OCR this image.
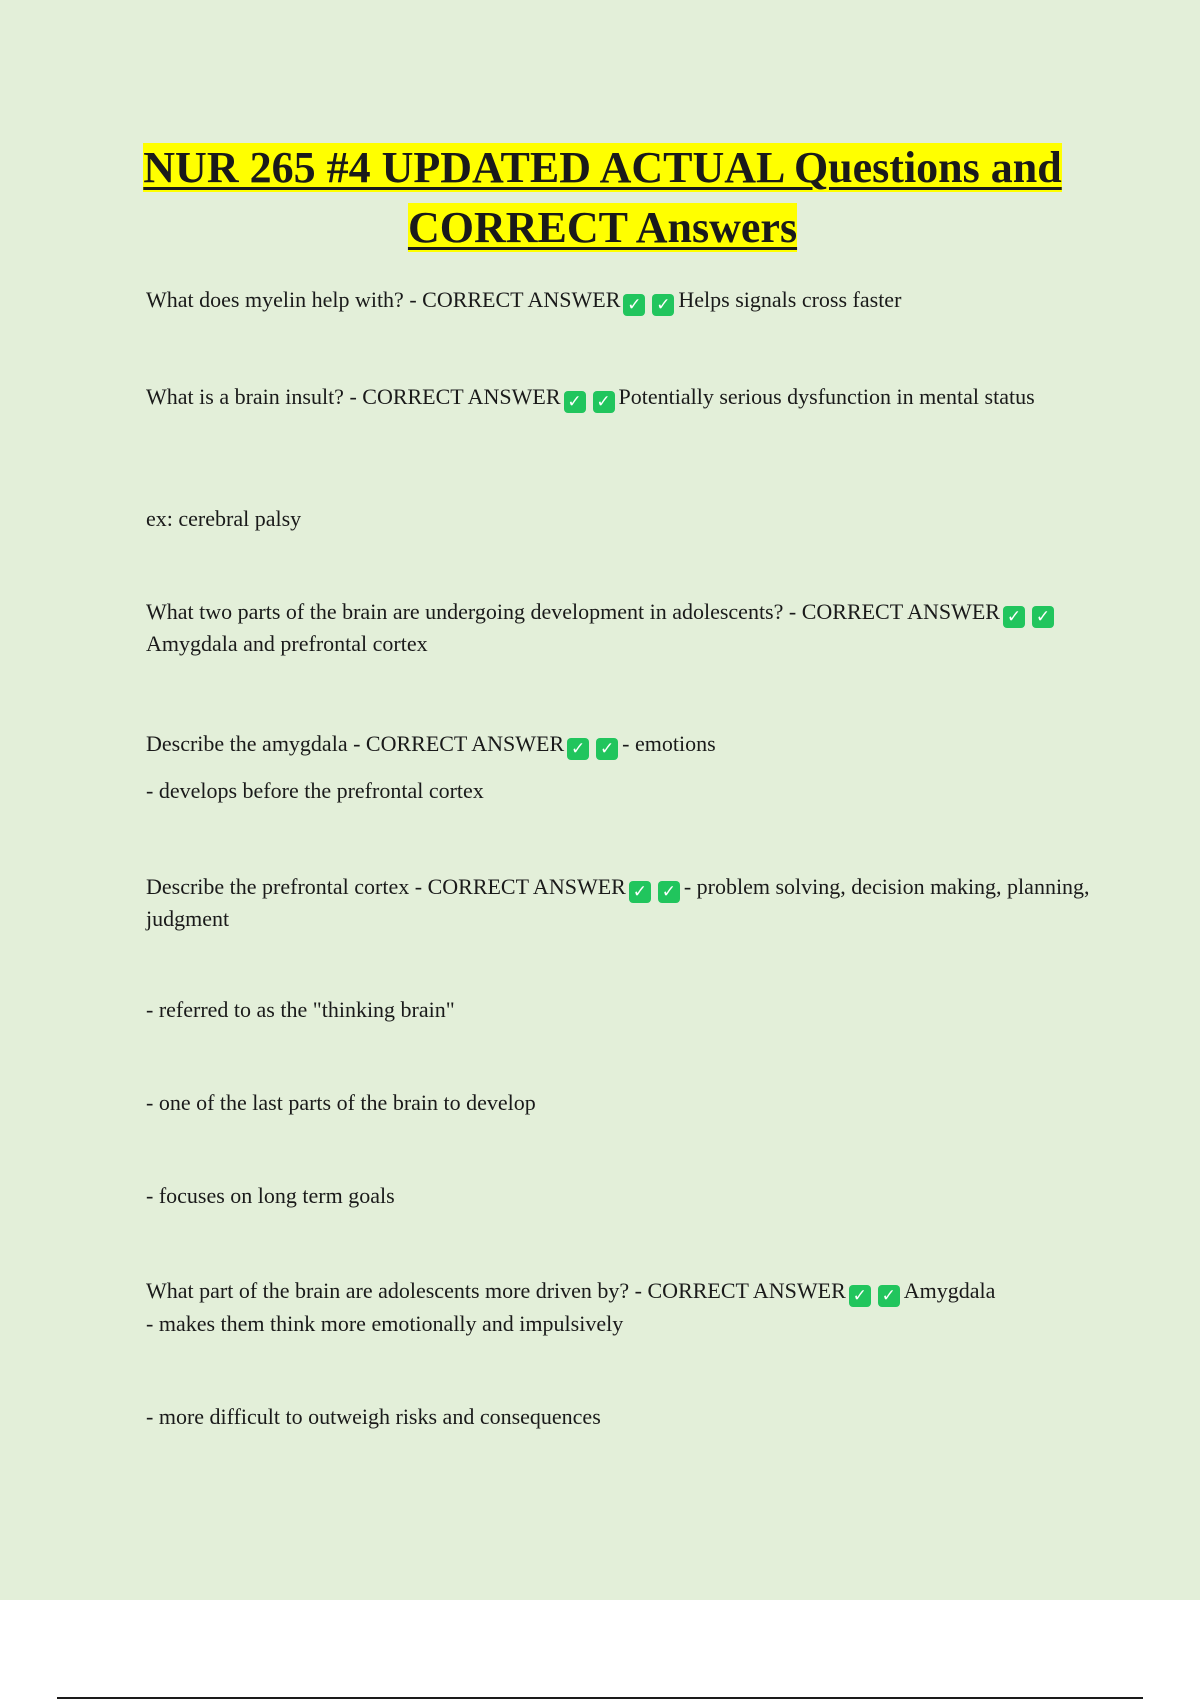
NUR 265 #4 UPDATED ACTUAL Questions and CORRECT Answers

What does myelin help with? - CORRECT ANSWER ✓ ✓ Helps signals cross faster

What is a brain insult? - CORRECT ANSWER ✓ ✓ Potentially serious dysfunction in mental status

ex: cerebral palsy

What two parts of the brain are undergoing development in adolescents? - CORRECT ANSWER ✓ ✓Amygdala and prefrontal cortex

Describe the amygdala - CORRECT ANSWER ✓ ✓ - emotions

- develops before the prefrontal cortex

Describe the prefrontal cortex - CORRECT ANSWER ✓ ✓ - problem solving, decision making, planning, judgment

- referred to as the "thinking brain"

- one of the last parts of the brain to develop

- focuses on long term goals

What part of the brain are adolescents more driven by? - CORRECT ANSWER ✓ ✓ Amygdala

- makes them think more emotionally and impulsively

- more difficult to outweigh risks and consequences
